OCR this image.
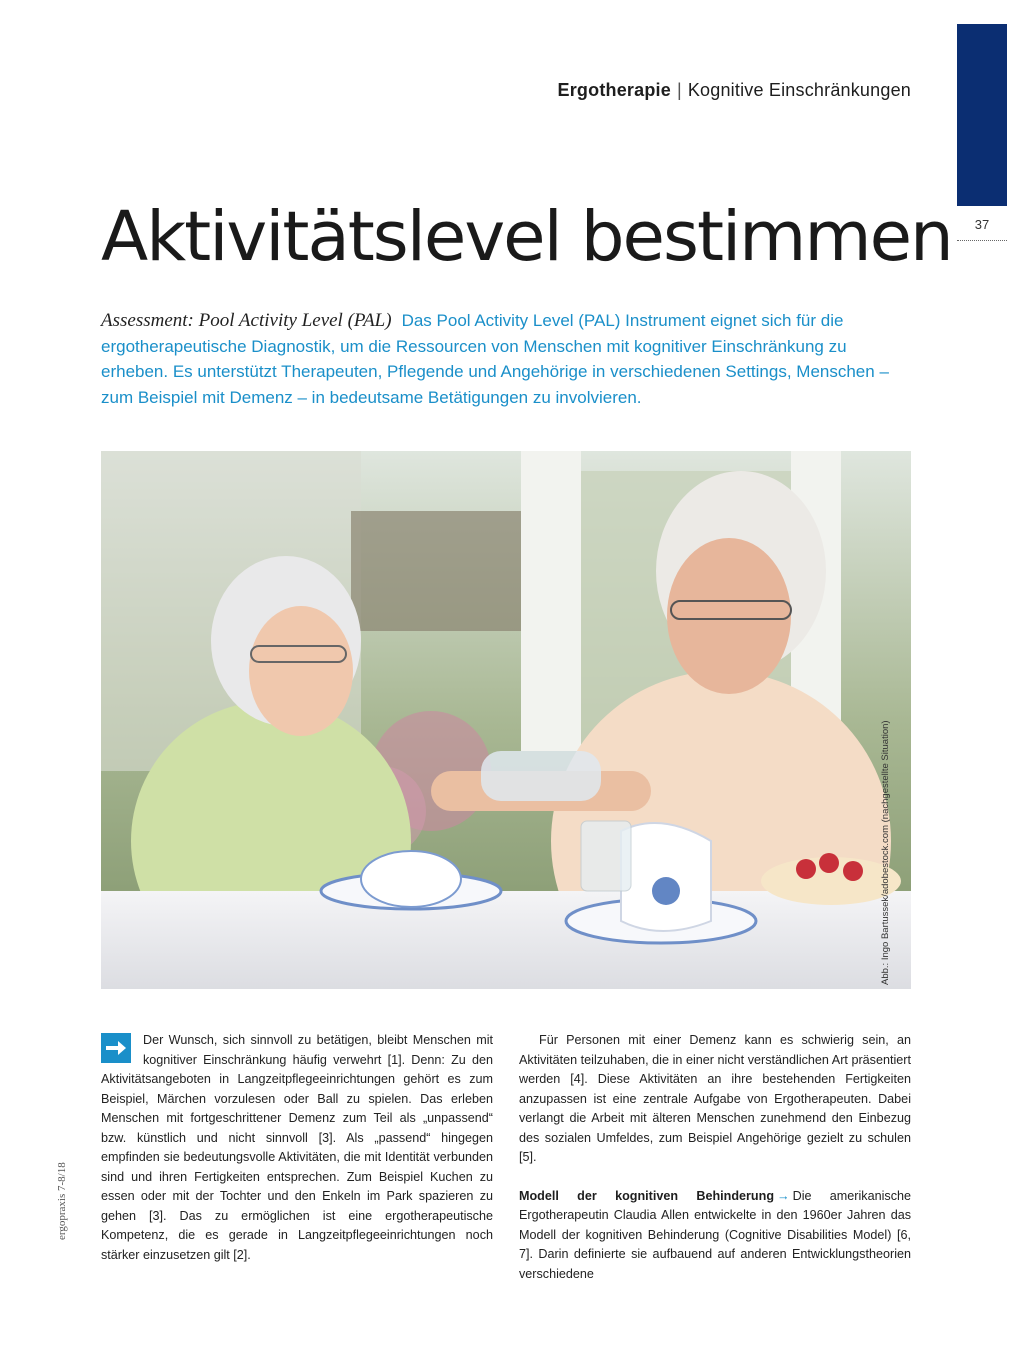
37
Ergotherapie | Kognitive Einschränkungen
Aktivitätslevel bestimmen
Assessment: Pool Activity Level (PAL) Das Pool Activity Level (PAL) Instrument eignet sich für die ergotherapeutische Diagnostik, um die Ressourcen von Menschen mit kognitiver Einschränkung zu erheben. Es unterstützt Therapeuten, Pflegende und Angehörige in verschiedenen Settings, Menschen – zum Beispiel mit Demenz – in bedeutsame Betätigungen zu involvieren.
Abb.: Ingo Bartussek/adobestock.com (nachgestellte Situation)
ergopraxis 7-8/18

Der Wunsch, sich sinnvoll zu betätigen, bleibt Menschen mit kognitiver Einschränkung häufig verwehrt [1]. Denn: Zu den Aktivitätsangeboten in Langzeitpflegeeinrichtungen gehört es zum Beispiel, Märchen vorzulesen oder Ball zu spielen. Das erleben Menschen mit fortgeschrittener Demenz zum Teil als „unpassend“ bzw. künstlich und nicht sinnvoll [3]. Als „passend“ hingegen empfinden sie bedeutungsvolle Aktivitäten, die mit Identität verbunden sind und ihren Fertigkeiten entsprechen. Zum Beispiel Kuchen zu essen oder mit der Tochter und den Enkeln im Park spazieren zu gehen [3]. Das zu ermöglichen ist eine ergotherapeutische Kompetenz, die es gerade in Langzeitpflegeeinrichtungen noch stärker einzusetzen gilt [2].

Für Personen mit einer Demenz kann es schwierig sein, an Aktivitäten teilzuhaben, die in einer nicht verständlichen Art präsentiert werden [4]. Diese Aktivitäten an ihre bestehenden Fertigkeiten anzupassen ist eine zentrale Aufgabe von Ergotherapeuten. Dabei verlangt die Arbeit mit älteren Menschen zunehmend den Einbezug des sozialen Umfeldes, zum Beispiel Angehörige gezielt zu schulen [5].

Modell der kognitiven Behinderung → Die amerikanische Ergotherapeutin Claudia Allen entwickelte in den 1960er Jahren das Modell der kognitiven Behinderung (Cognitive Disabilities Model) [6, 7]. Darin definierte sie aufbauend auf anderen Entwicklungstheorien verschiedene
